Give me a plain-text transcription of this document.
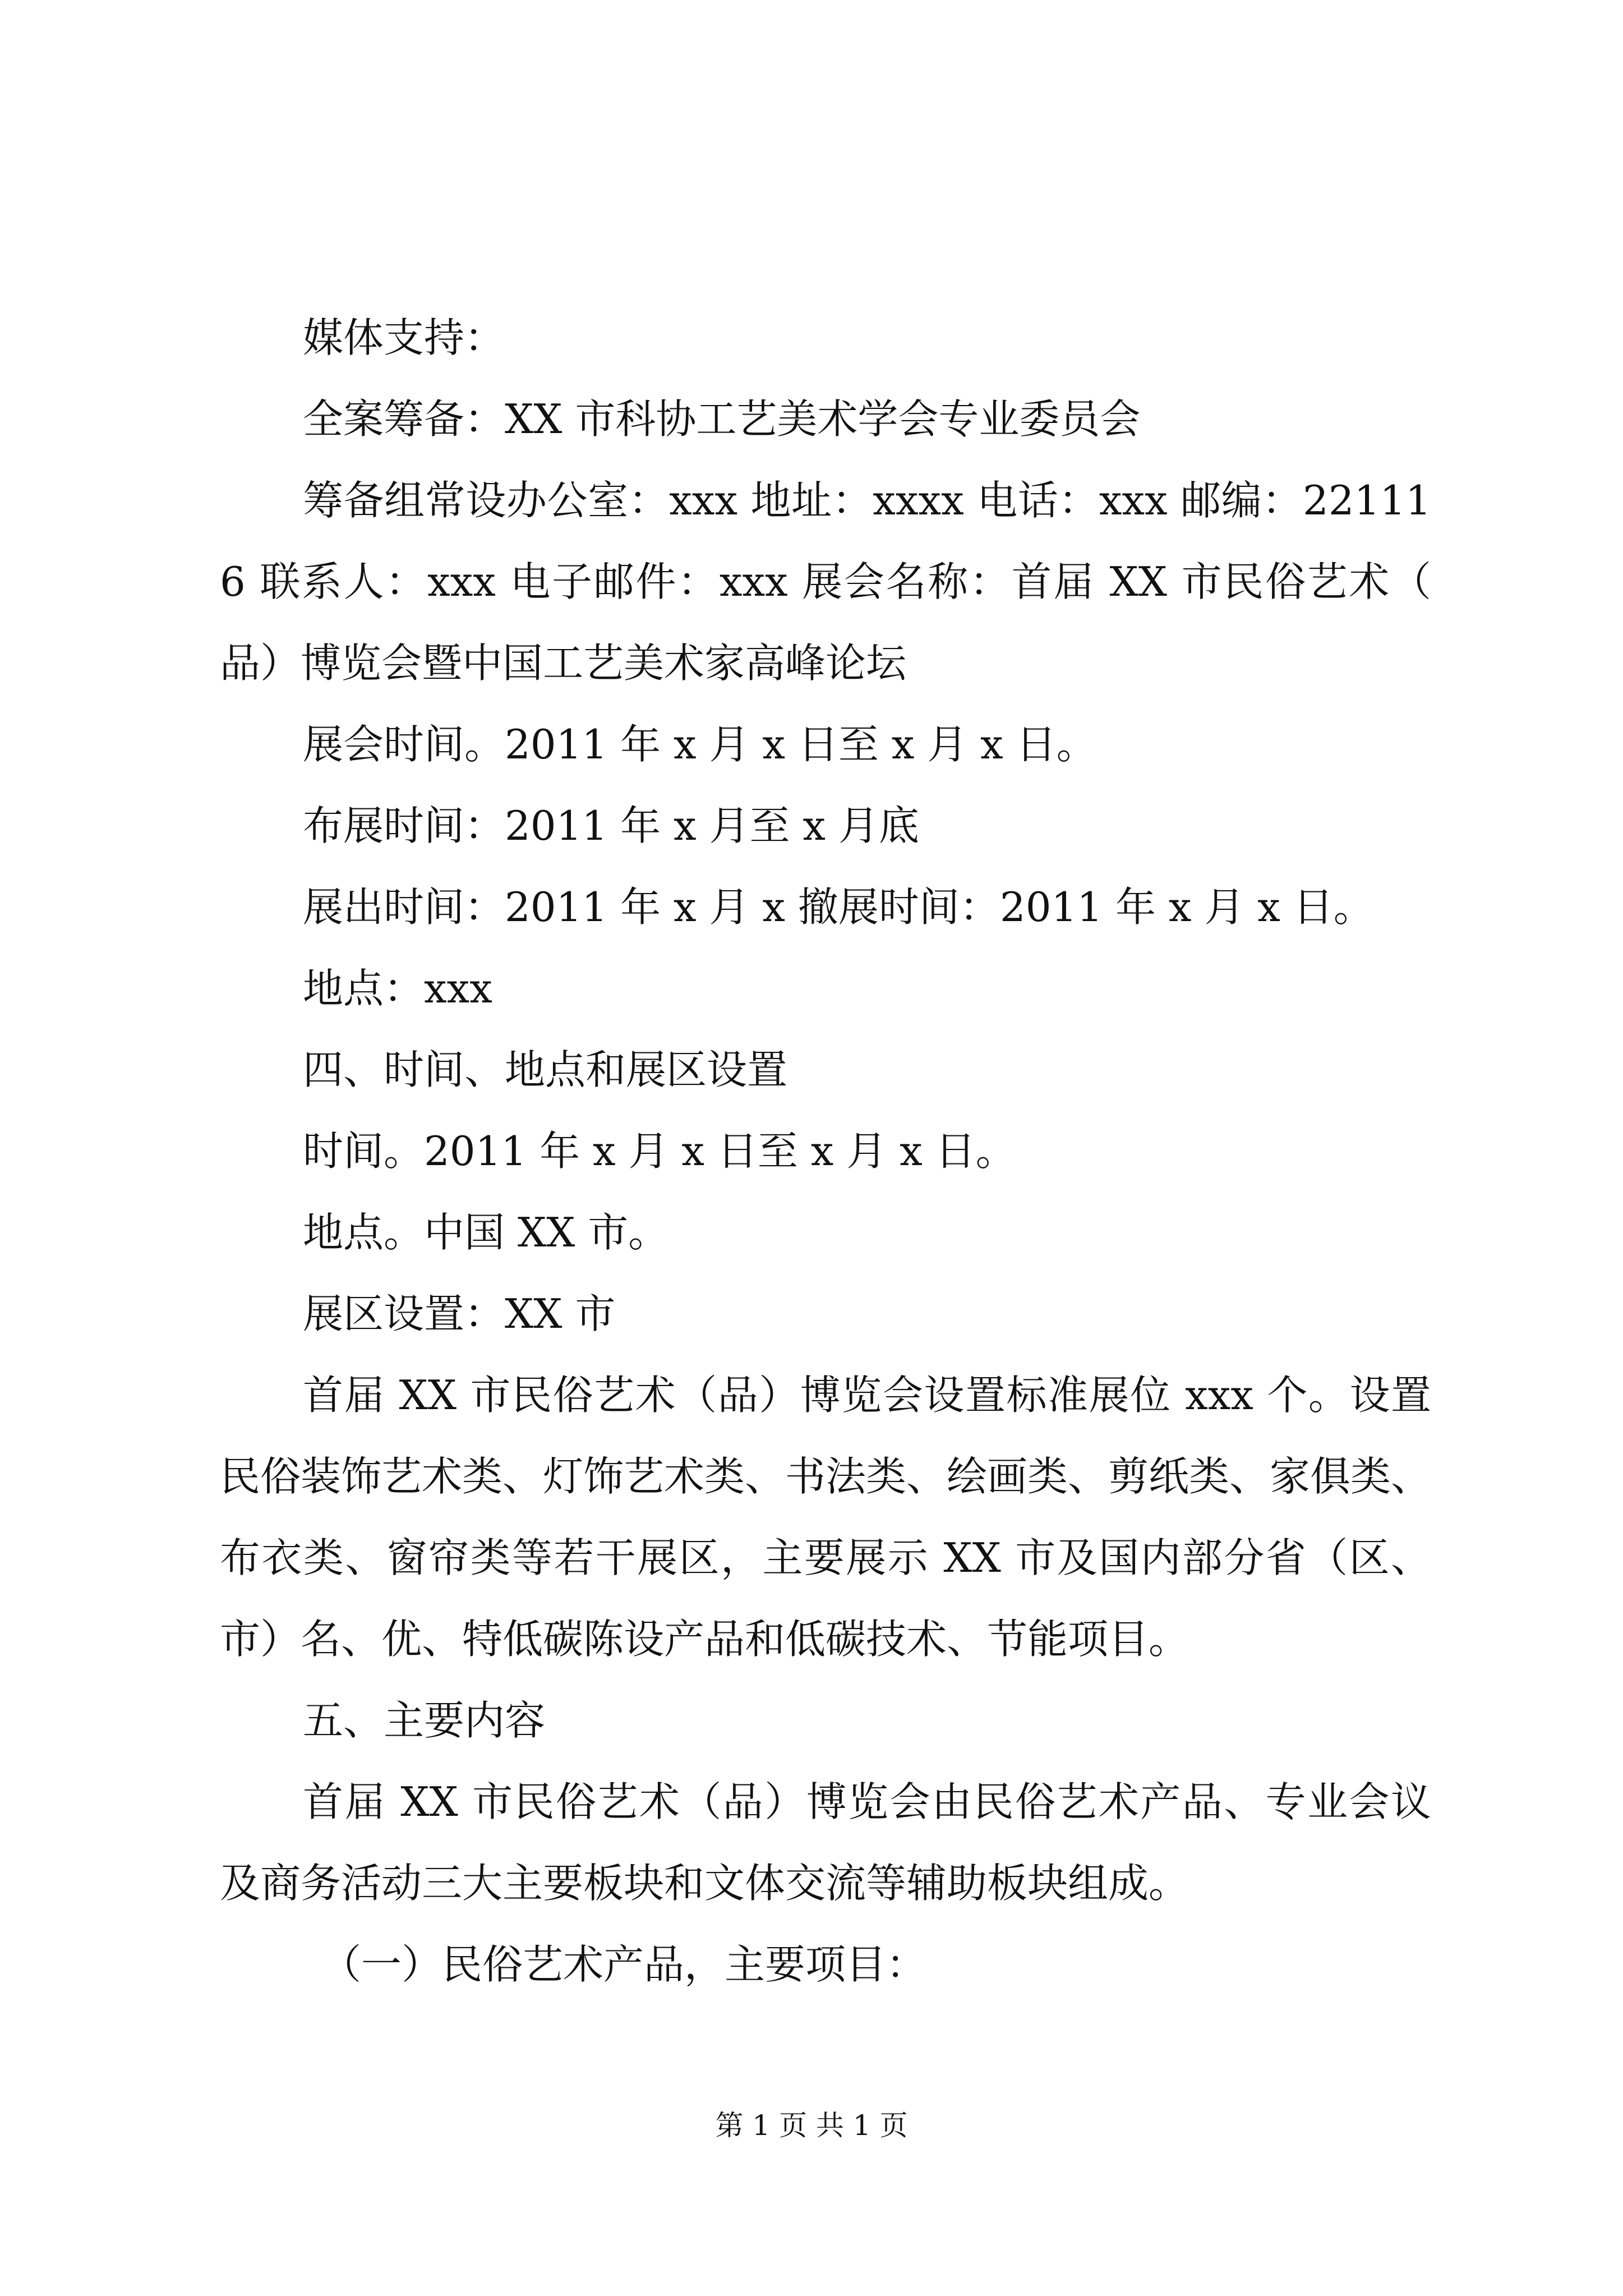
媒体支持：

全案筹备：XX 市科协工艺美术学会专业委员会

筹备组常设办公室：xxx 地址：xxxx 电话：xxx 邮编：221116 联系人：xxx 电子邮件：xxx 展会名称：首届 XX 市民俗艺术（品）博览会暨中国工艺美术家高峰论坛

展会时间。2011 年 x 月 x 日至 x 月 x 日。

布展时间：2011 年 x 月至 x 月底

展出时间：2011 年 x 月 x 撤展时间：2011 年 x 月 x 日。

地点：xxx

四、时间、地点和展区设置

时间。2011 年 x 月 x 日至 x 月 x 日。

地点。中国 XX 市。

展区设置：XX 市

首届 XX 市民俗艺术（品）博览会设置标准展位 xxx 个。设置民俗装饰艺术类、灯饰艺术类、书法类、绘画类、剪纸类、家俱类、布衣类、窗帘类等若干展区，主要展示 XX 市及国内部分省（区、市）名、优、特低碳陈设产品和低碳技术、节能项目。

五、主要内容

首届 XX 市民俗艺术（品）博览会由民俗艺术产品、专业会议及商务活动三大主要板块和文体交流等辅助板块组成。

（一）民俗艺术产品，主要项目：

第 1 页 共 1 页
